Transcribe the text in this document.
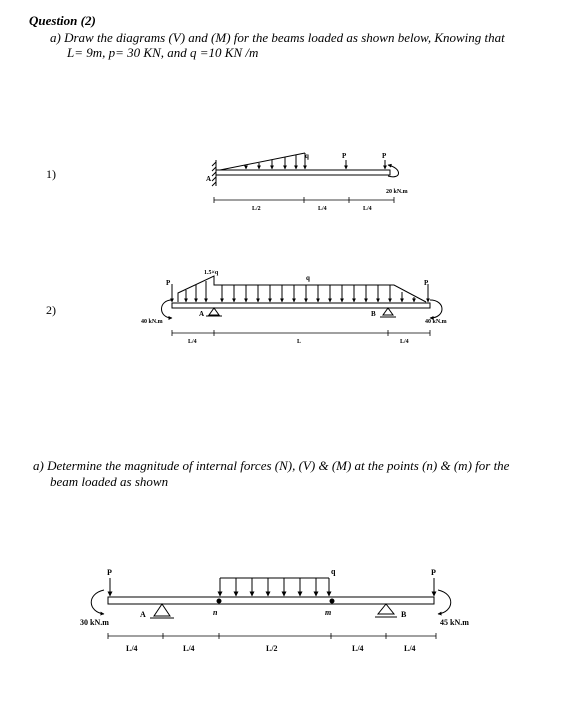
Question (2)
a) Draw the diagrams (V) and (M) for the beams loaded as shown below, Knowing that
L= 9m, p= 30 KN, and q =10 KN /m
1)
2)
a) Determine the magnitude of internal forces (N), (V) & (M) at the points (n) & (m) for the
beam loaded as shown
A
q	P	P
20 kN.m
L/2	L/4	L/4
P
1.5×q
q
P
A	B
40 kN.m	40 kN.m
L/4	L	L/4
P	P
q
A	B
n	m
30 kN.m	45 kN.m
L/4	L/4	L/2	L/4	L/4
